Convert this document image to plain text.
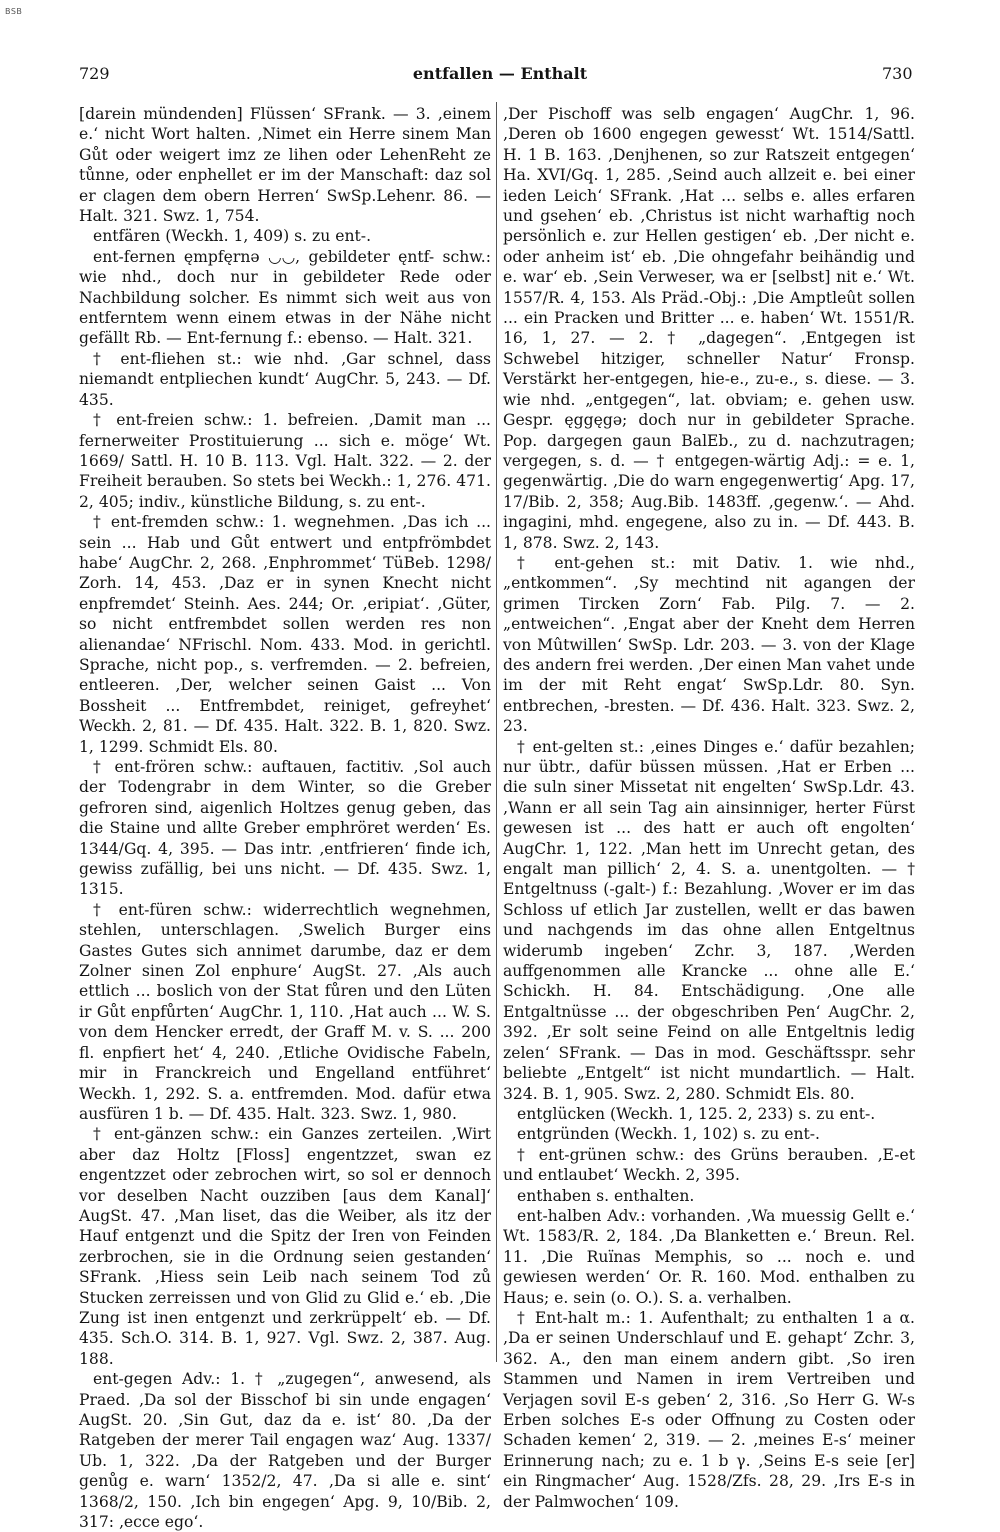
BSB
729	entfallen — Enthalt	730

[darein mündenden] Flüssen‘ SFrank. — 3. ‚einem e.‘ nicht Wort halten. ‚Nimet ein Herre sinem Man Gůt oder weigert imz ze lihen oder LehenReht ze tůnne, oder enphellet er im der Manschaft: daz sol er clagen dem obern Herren‘ SwSp.Lehenr. 86. — Halt. 321. Swz. 1, 754.

entfären (Weckh. 1, 409) s. zu ent-.

ent-fernen ęmpfęrnə ◡◡, gebildeter ęntf- schw.: wie nhd., doch nur in gebildeter Rede oder Nachbildung solcher. Es nimmt sich weit aus von entferntem wenn einem etwas in der Nähe nicht gefällt Rb. — Ent-fernung f.: ebenso. — Halt. 321.

† ent-fliehen st.: wie nhd. ‚Gar schnel, dass niemandt entpliechen kundt‘ AugChr. 5, 243. — Df. 435.

† ent-freien schw.: 1. befreien. ‚Damit man ... fernerweiter Prostituierung ... sich e. möge‘ Wt. 1669/ Sattl. H. 10 B. 113. Vgl. Halt. 322. — 2. der Freiheit berauben. So stets bei Weckh.: 1, 276. 471. 2, 405; indiv., künstliche Bildung, s. zu ent-.

† ent-fremden schw.: 1. wegnehmen. ‚Das ich ... sein ... Hab und Gůt entwert und entpfrömbdet habe‘ AugChr. 2, 268. ‚Enphrommet‘ TüBeb. 1298/ Zorh. 14, 453. ‚Daz er in synen Knecht nicht enpfremdet‘ Steinh. Aes. 244; Or. ‚eripiat‘. ‚Güter, so nicht entfrembdet sollen werden res non alienandae‘ NFrischl. Nom. 433. Mod. in gerichtl. Sprache, nicht pop., s. verfremden. — 2. befreien, entleeren. ‚Der, welcher seinen Gaist ... Von Bossheit ... Entfrembdet, reiniget, gefreyhet‘ Weckh. 2, 81. — Df. 435. Halt. 322. B. 1, 820. Swz. 1, 1299. Schmidt Els. 80.

† ent-frören schw.: auftauen, factitiv. ‚Sol auch der Todengrabr in dem Winter, so die Greber gefroren sind, aigenlich Holtzes genug geben, das die Staine und allte Greber emphröret werden‘ Es. 1344/Gq. 4, 395. — Das intr. ‚entfrieren‘ finde ich, gewiss zufällig, bei uns nicht. — Df. 435. Swz. 1, 1315.

† ent-füren schw.: widerrechtlich wegnehmen, stehlen, unterschlagen. ‚Swelich Burger eins Gastes Gutes sich annimet darumbe, daz er dem Zolner sinen Zol enphure‘ AugSt. 27. ‚Als auch ettlich ... boslich von der Stat fůren und den Lüten ir Gůt enpfůrten‘ AugChr. 1, 110. ‚Hat auch ... W. S. von dem Hencker erredt, der Graff M. v. S. ... 200 fl. enpfiert het‘ 4, 240. ‚Etliche Ovidische Fabeln, mir in Franckreich und Engelland entführet‘ Weckh. 1, 292. S. a. entfremden. Mod. dafür etwa ausfüren 1 b. — Df. 435. Halt. 323. Swz. 1, 980.

† ent-gänzen schw.: ein Ganzes zerteilen. ‚Wirt aber daz Holtz [Floss] engentzzet, swan ez engentzzet oder zebrochen wirt, so sol er dennoch vor deselben Nacht ouzziben [aus dem Kanal]‘ AugSt. 47. ‚Man liset, das die Weiber, als itz der Hauf entgenzt und die Spitz der Iren von Feinden zerbrochen, sie in die Ordnung seien gestanden‘ SFrank. ‚Hiess sein Leib nach seinem Tod zů Stucken zerreissen und von Glid zu Glid e.‘ eb. ‚Die Zung ist inen entgenzt und zerkrüppelt‘ eb. — Df. 435. Sch.O. 314. B. 1, 927. Vgl. Swz. 2, 387. Aug. 188.

ent-gegen Adv.: 1. † „zugegen“, anwesend, als Praed. ‚Da sol der Bisschof bi sin unde engagen‘ AugSt. 20. ‚Sin Gut, daz da e. ist‘ 80. ‚Da der Ratgeben der merer Tail engagen waz‘ Aug. 1337/ Ub. 1, 322. ‚Da der Ratgeben und der Burger genůg e. warn‘ 1352/2, 47. ‚Da si alle e. sint‘ 1368/2, 150. ‚Ich bin engegen‘ Apg. 9, 10/Bib. 2, 317: ‚ecce ego‘.

‚Der Pischoff was selb engagen‘ AugChr. 1, 96. ‚Deren ob 1600 engegen gewesst‘ Wt. 1514/Sattl. H. 1 B. 163. ‚Denjhenen, so zur Ratszeit entgegen‘ Ha. XVI/Gq. 1, 285. ‚Seind auch allzeit e. bei einer ieden Leich‘ SFrank. ‚Hat ... selbs e. alles erfaren und gsehen‘ eb. ‚Christus ist nicht warhaftig noch persönlich e. zur Hellen gestigen‘ eb. ‚Der nicht e. oder anheim ist‘ eb. ‚Die ohngefahr beihändig und e. war‘ eb. ‚Sein Verweser, wa er [selbst] nit e.‘ Wt. 1557/R. 4, 153. Als Präd.-Obj.: ‚Die Amptleût sollen ... ein Pracken und Britter ... e. haben‘ Wt. 1551/R. 16, 1, 27. — 2. † „dagegen“. ‚Entgegen ist Schwebel hitziger, schneller Natur‘ Fronsp. Verstärkt her-entgegen, hie-e., zu-e., s. diese. — 3. wie nhd. „entgegen“, lat. obviam; e. gehen usw. Gespr. ęggęgə; doch nur in gebildeter Sprache. Pop. dargegen gaun BalEb., zu d. nachzutragen; vergegen, s. d. — † entgegen-wärtig Adj.: = e. 1, gegenwärtig. ‚Die do warn engegenwertig‘ Apg. 17, 17/Bib. 2, 358; Aug.Bib. 1483ff. ‚gegenw.‘. — Ahd. ingagini, mhd. engegene, also zu in. — Df. 443. B. 1, 878. Swz. 2, 143.

† ent-gehen st.: mit Dativ. 1. wie nhd., „entkommen“. ‚Sy mechtind nit agangen der grimen Tircken Zorn‘ Fab. Pilg. 7. — 2. „entweichen“. ‚Engat aber der Kneht dem Herren von Mûtwillen‘ SwSp. Ldr. 203. — 3. von der Klage des andern frei werden. ‚Der einen Man vahet unde im der mit Reht engat‘ SwSp.Ldr. 80. Syn. entbrechen, -bresten. — Df. 436. Halt. 323. Swz. 2, 23.

† ent-gelten st.: ‚eines Dinges e.‘ dafür bezahlen; nur übtr., dafür büssen müssen. ‚Hat er Erben ... die suln siner Missetat nit engelten‘ SwSp.Ldr. 43. ‚Wann er all sein Tag ain ainsinniger, herter Fürst gewesen ist ... des hatt er auch oft engolten‘ AugChr. 1, 122. ‚Man hett im Unrecht getan, des engalt man pillich‘ 2, 4. S. a. unentgolten. — † Entgeltnuss (-galt-) f.: Bezahlung. ‚Wover er im das Schloss uf etlich Jar zustellen, wellt er das bawen und nachgends im das ohne allen Entgeltnus widerumb ingeben‘ Zchr. 3, 187. ‚Werden auffgenommen alle Krancke ... ohne alle E.‘ Schickh. H. 84. Entschädigung. ‚One alle Entgaltnüsse ... der obgeschriben Pen‘ AugChr. 2, 392. ‚Er solt seine Feind on alle Entgeltnis ledig zelen‘ SFrank. — Das in mod. Geschäftsspr. sehr beliebte „Entgelt“ ist nicht mundartlich. — Halt. 324. B. 1, 905. Swz. 2, 280. Schmidt Els. 80.

entglücken (Weckh. 1, 125. 2, 233) s. zu ent-.

entgründen (Weckh. 1, 102) s. zu ent-.

† ent-grünen schw.: des Grüns berauben. ‚E-et und entlaubet‘ Weckh. 2, 395.

enthaben s. enthalten.

ent-halben Adv.: vorhanden. ‚Wa muessig Gellt e.‘ Wt. 1583/R. 2, 184. ‚Da Blanketten e.‘ Breun. Rel. 11. ‚Die Ruïnas Memphis, so ... noch e. und gewiesen werden‘ Or. R. 160. Mod. enthalben zu Haus; e. sein (o. O.). S. a. verhalben.

† Ent-halt m.: 1. Aufenthalt; zu enthalten 1 a α. ‚Da er seinen Underschlauf und E. gehapt‘ Zchr. 3, 362. A., den man einem andern gibt. ‚So iren Stammen und Namen in irem Vertreiben und Verjagen sovil E-s geben‘ 2, 316. ‚So Herr G. W-s Erben solches E-s oder Offnung zu Costen oder Schaden kemen‘ 2, 319. — 2. ‚meines E-s‘ meiner Erinnerung nach; zu e. 1 b γ. ‚Seins E-s seie [er] ein Ringmacher‘ Aug. 1528/Zfs. 28, 29. ‚Irs E-s in der Palmwochen‘ 109.
